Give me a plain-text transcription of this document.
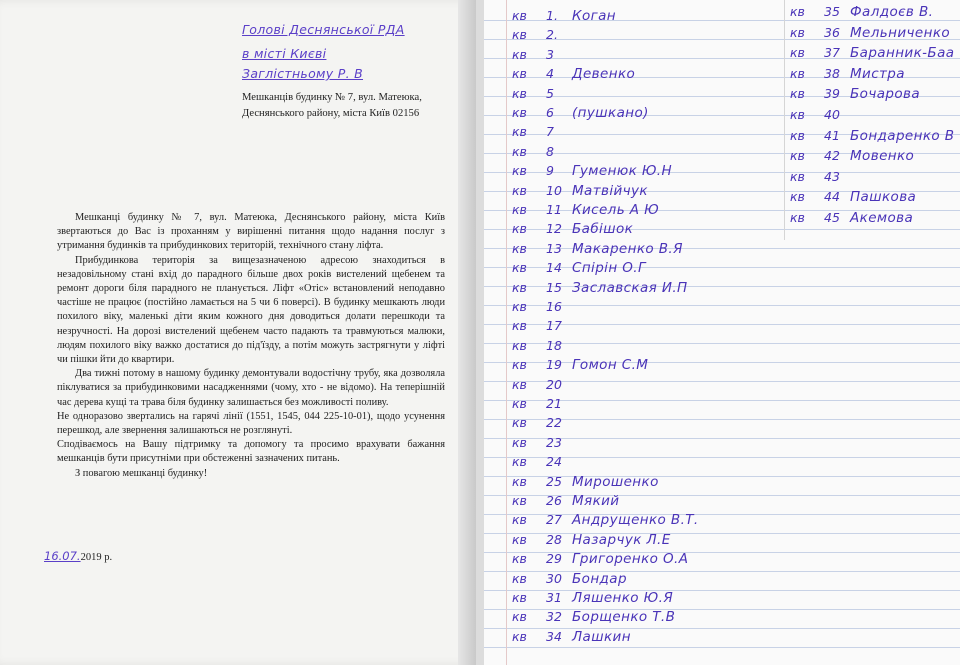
Голові Деснянської РДА
в місті Києві
Заглістньому Р. В
Мешканців будинку № 7, вул. Матеюка,
Деснянського району, міста Київ 02156

Мешканці будинку № 7, вул. Матеюка, Деснянського району, міста Київ звертаються до Вас із проханням у вирішенні питання щодо надання послуг з утримання будинків та прибудинкових територій, технічного стану ліфта.

Прибудинкова територія за вищезазначеною адресою знаходиться в незадовільному стані вхід до парадного більше двох років вистелений щебенем та ремонт дороги біля парадного не планується. Ліфт «Отіс» встановлений неподавно частіше не працює (постійно ламається на 5 чи 6 поверсі). В будинку мешкають люди похилого віку, маленькі діти яким кожного дня доводиться долати перешкоди та незручності. На дорозі вистелений щебенем часто падають та травмуються малюки, людям похилого віку важко достатися до під'їзду, а потім можуть застрягнути у ліфті чи пішки йти до квартири.

Два тижні потому в нашому будинку демонтували водостічну трубу, яка дозволяла піклуватися за прибудинковими насадженнями (чому, хто - не відомо). На теперішній час дерева кущі та трава біля будинку залишається без можливості поливу.

Не одноразово звертались на гарячі лінії (1551, 1545, 044 225-10-01), щодо усунення перешкод, але звернення залишаються не розглянуті.

Сподіваємось на Вашу підтримку та допомогу та просимо врахувати бажання мешканців бути присутніми при обстеженні зазначених питань.

З повагою мешканці будинку!

16.07.2019 р.
кв 1. Коган
кв 2.
кв 3
кв 4 Девенко
кв 5
кв 6 (пушкано)
кв 7
кв 8
кв 9 Гуменюк Ю.Н
кв 10 Матвійчук
кв 11 Кисель А Ю
кв 12 Бабішок
кв 13 Макаренко В.Я
кв 14 Спірін О.Г
кв 15 Заславская И.П
кв 16
кв 17
кв 18
кв 19 Гомон С.М
кв 20
кв 21
кв 22
кв 23
кв 24
кв 25 Мирошенко
кв 26 Мякий
кв 27 Андрущенко В.Т.
кв 28 Назарчук Л.Е
кв 29 Григоренко О.А
кв 30 Бондар
кв 31 Ляшенко Ю.Я
кв 32 Борщенко Т.В
кв 34 Лашкин
кв 35 Фалдоєв В.
кв 36 Мельниченко
кв 37 Баранник-Баа
кв 38 Мистра
кв 39 Бочарова
кв 40
кв 41 Бондаренко В
кв 42 Мовенко
кв 43
кв 44 Пашкова
кв 45 Акемова
